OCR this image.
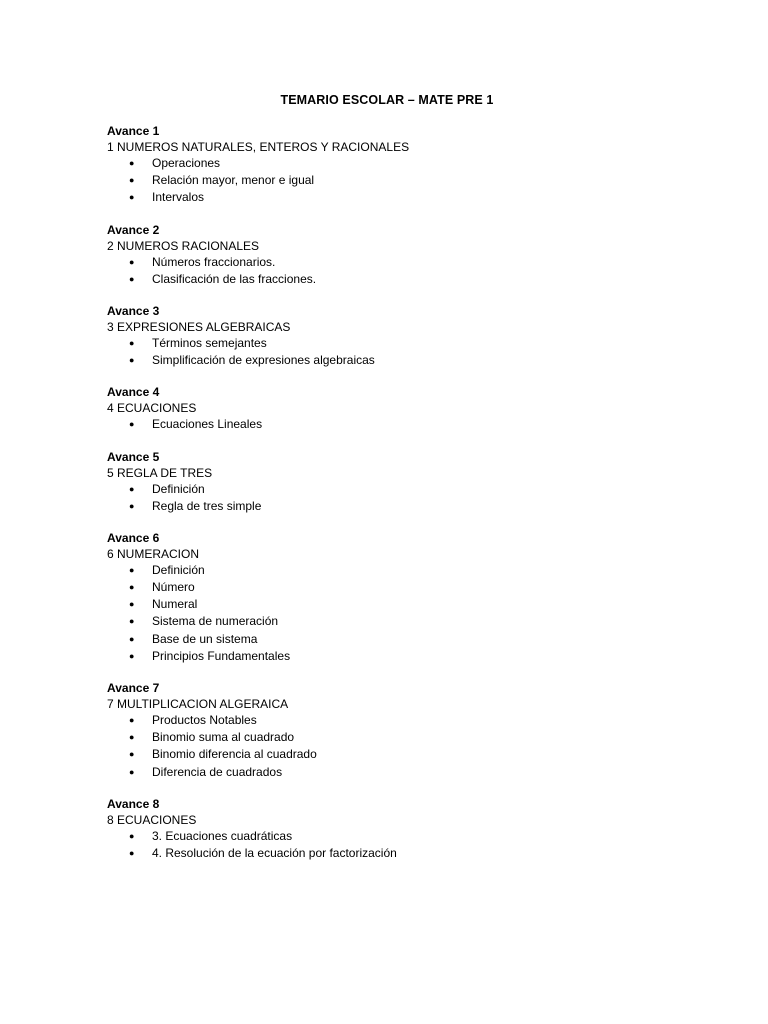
TEMARIO ESCOLAR – MATE PRE 1
Avance 1
1 NUMEROS NATURALES, ENTEROS Y RACIONALES
● Operaciones
● Relación mayor, menor e igual
● Intervalos
Avance 2
2 NUMEROS RACIONALES
● Números fraccionarios.
● Clasificación de las fracciones.
Avance 3
3 EXPRESIONES ALGEBRAICAS
● Términos semejantes
● Simplificación de expresiones algebraicas
Avance 4
4 ECUACIONES
● Ecuaciones Lineales
Avance 5
5 REGLA DE TRES
● Definición
● Regla de tres simple
Avance 6
6 NUMERACION
● Definición
● Número
● Numeral
● Sistema de numeración
● Base de un sistema
● Principios Fundamentales
Avance 7
7 MULTIPLICACION ALGERAICA
● Productos Notables
● Binomio suma al cuadrado
● Binomio diferencia al cuadrado
● Diferencia de cuadrados
Avance 8
8 ECUACIONES
● 3. Ecuaciones cuadráticas
● 4. Resolución de la ecuación por factorización
